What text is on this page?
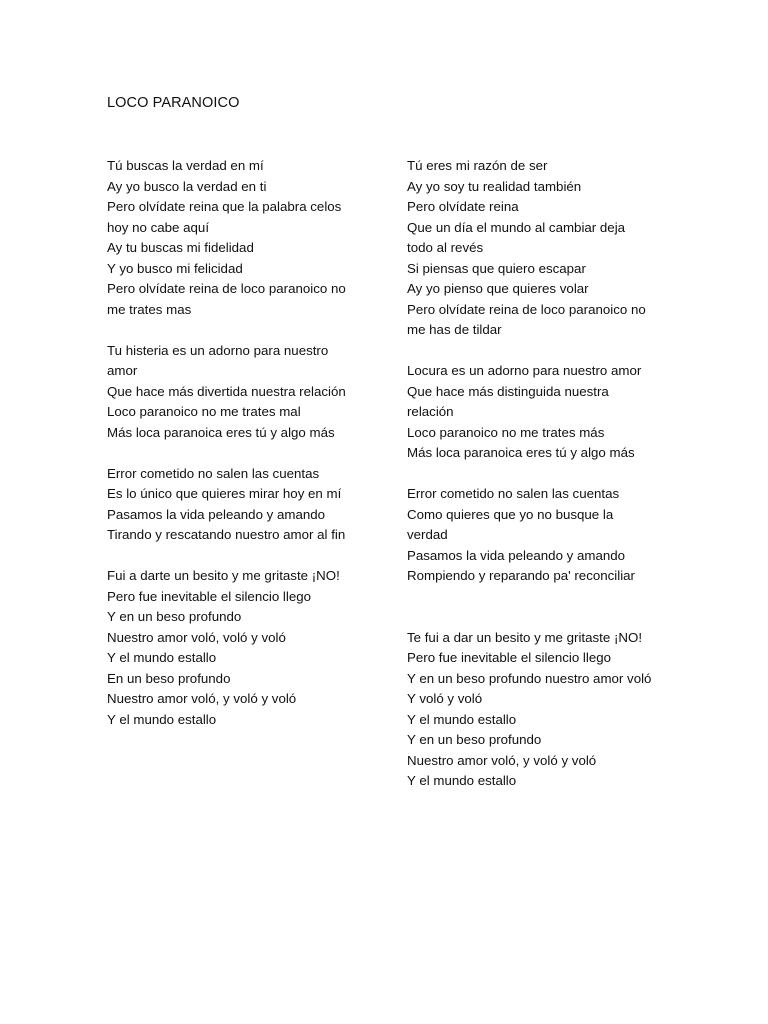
LOCO PARANOICO
Tú buscas la verdad en mí
Ay yo busco la verdad en ti
Pero olvídate reina que la palabra celos
hoy no cabe aquí
Ay tu buscas mi fidelidad
Y yo busco mi felicidad
Pero olvídate reina de loco paranoico no
me trates mas
Tu histeria es un adorno para nuestro
amor
Que hace más divertida nuestra relación
Loco paranoico no me trates mal
Más loca paranoica eres tú y algo más
Error cometido no salen las cuentas
Es lo único que quieres mirar hoy en mí
Pasamos la vida peleando y amando
Tirando y rescatando nuestro amor al fin
Fui a darte un besito y me gritaste ¡NO!
Pero fue inevitable el silencio llego
Y en un beso profundo
Nuestro amor voló, voló y voló
Y el mundo estallo
En un beso profundo
Nuestro amor voló, y voló y voló
Y el mundo estallo
Tú eres mi razón de ser
Ay yo soy tu realidad también
Pero olvídate reina
Que un día el mundo al cambiar deja
todo al revés
Si piensas que quiero escapar
Ay yo pienso que quieres volar
Pero olvídate reina de loco paranoico no
me has de tildar
Locura es un adorno para nuestro amor
Que hace más distinguida nuestra
relación
Loco paranoico no me trates más
Más loca paranoica eres tú y algo más
Error cometido no salen las cuentas
Como quieres que yo no busque la
verdad
Pasamos la vida peleando y amando
Rompiendo y reparando pa' reconciliar
Te fui a dar un besito y me gritaste ¡NO!
Pero fue inevitable el silencio llego
Y en un beso profundo nuestro amor voló
Y voló y voló
Y el mundo estallo
Y en un beso profundo
Nuestro amor voló, y voló y voló
Y el mundo estallo
